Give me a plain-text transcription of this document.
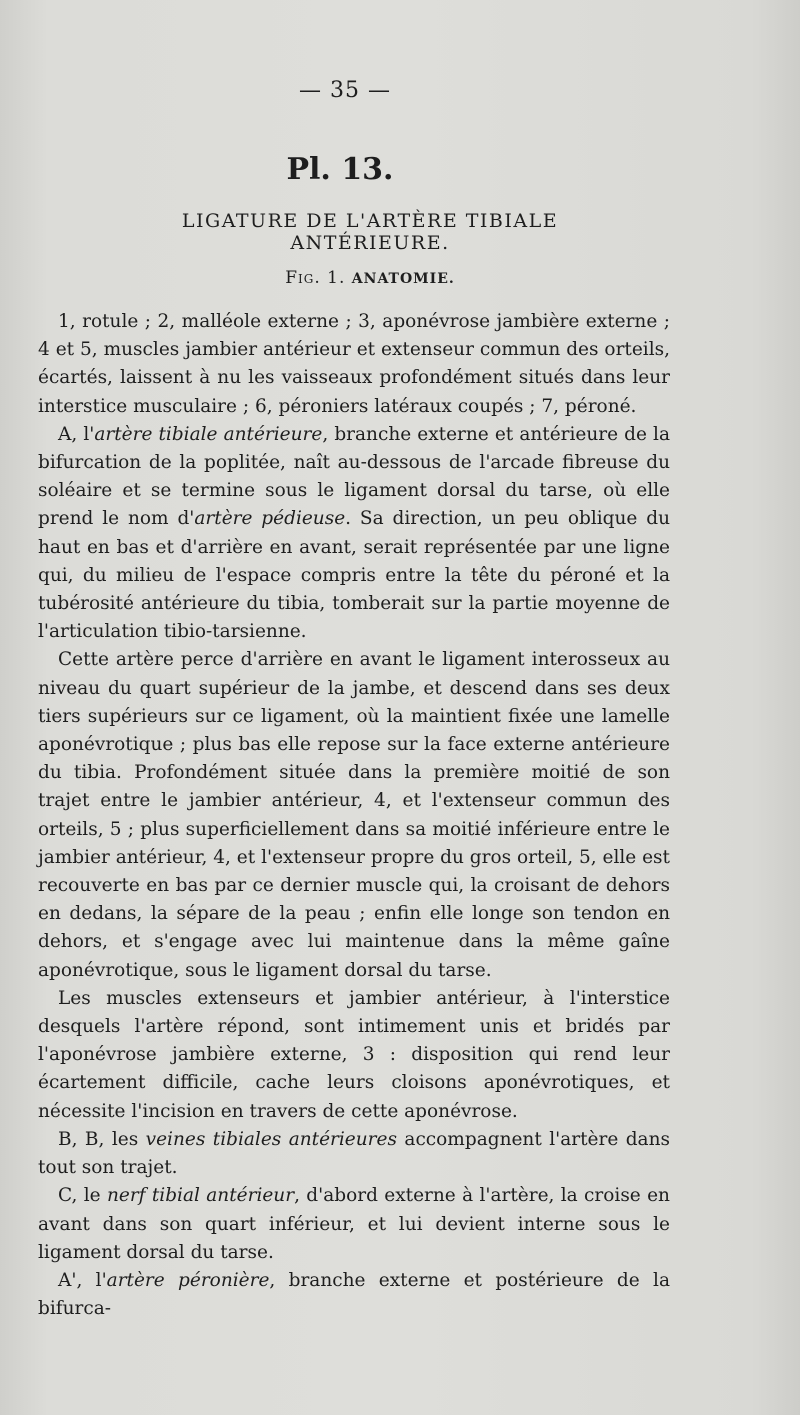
— 35 —
Pl. 13.
LIGATURE DE L'ARTÈRE TIBIALE ANTÉRIEURE.
Fig. 1. ANATOMIE.

1, rotule ; 2, malléole externe ; 3, aponévrose jambière externe ; 4 et 5, muscles jambier antérieur et extenseur commun des orteils, écartés, laissent à nu les vaisseaux profondément situés dans leur interstice musculaire ; 6, péroniers latéraux coupés ; 7, péroné.

A, l'artère tibiale antérieure, branche externe et antérieure de la bifurcation de la poplitée, naît au-dessous de l'arcade fibreuse du soléaire et se termine sous le ligament dorsal du tarse, où elle prend le nom d'artère pédieuse. Sa direction, un peu oblique du haut en bas et d'arrière en avant, serait représentée par une ligne qui, du milieu de l'espace compris entre la tête du péroné et la tubérosité antérieure du tibia, tomberait sur la partie moyenne de l'articulation tibio-tarsienne.

Cette artère perce d'arrière en avant le ligament interosseux au niveau du quart supérieur de la jambe, et descend dans ses deux tiers supérieurs sur ce ligament, où la maintient fixée une lamelle aponévrotique ; plus bas elle repose sur la face externe antérieure du tibia. Profondément située dans la première moitié de son trajet entre le jambier antérieur, 4, et l'extenseur commun des orteils, 5 ; plus superficiellement dans sa moitié inférieure entre le jambier antérieur, 4, et l'extenseur propre du gros orteil, 5, elle est recouverte en bas par ce dernier muscle qui, la croisant de dehors en dedans, la sépare de la peau ; enfin elle longe son tendon en dehors, et s'engage avec lui maintenue dans la même gaîne aponévrotique, sous le ligament dorsal du tarse.

Les muscles extenseurs et jambier antérieur, à l'interstice desquels l'artère répond, sont intimement unis et bridés par l'aponévrose jambière externe, 3 : disposition qui rend leur écartement difficile, cache leurs cloisons aponévrotiques, et nécessite l'incision en travers de cette aponévrose.

B, B, les veines tibiales antérieures accompagnent l'artère dans tout son trajet.

C, le nerf tibial antérieur, d'abord externe à l'artère, la croise en avant dans son quart inférieur, et lui devient interne sous le ligament dorsal du tarse.

A', l'artère péronière, branche externe et postérieure de la bifurca-
